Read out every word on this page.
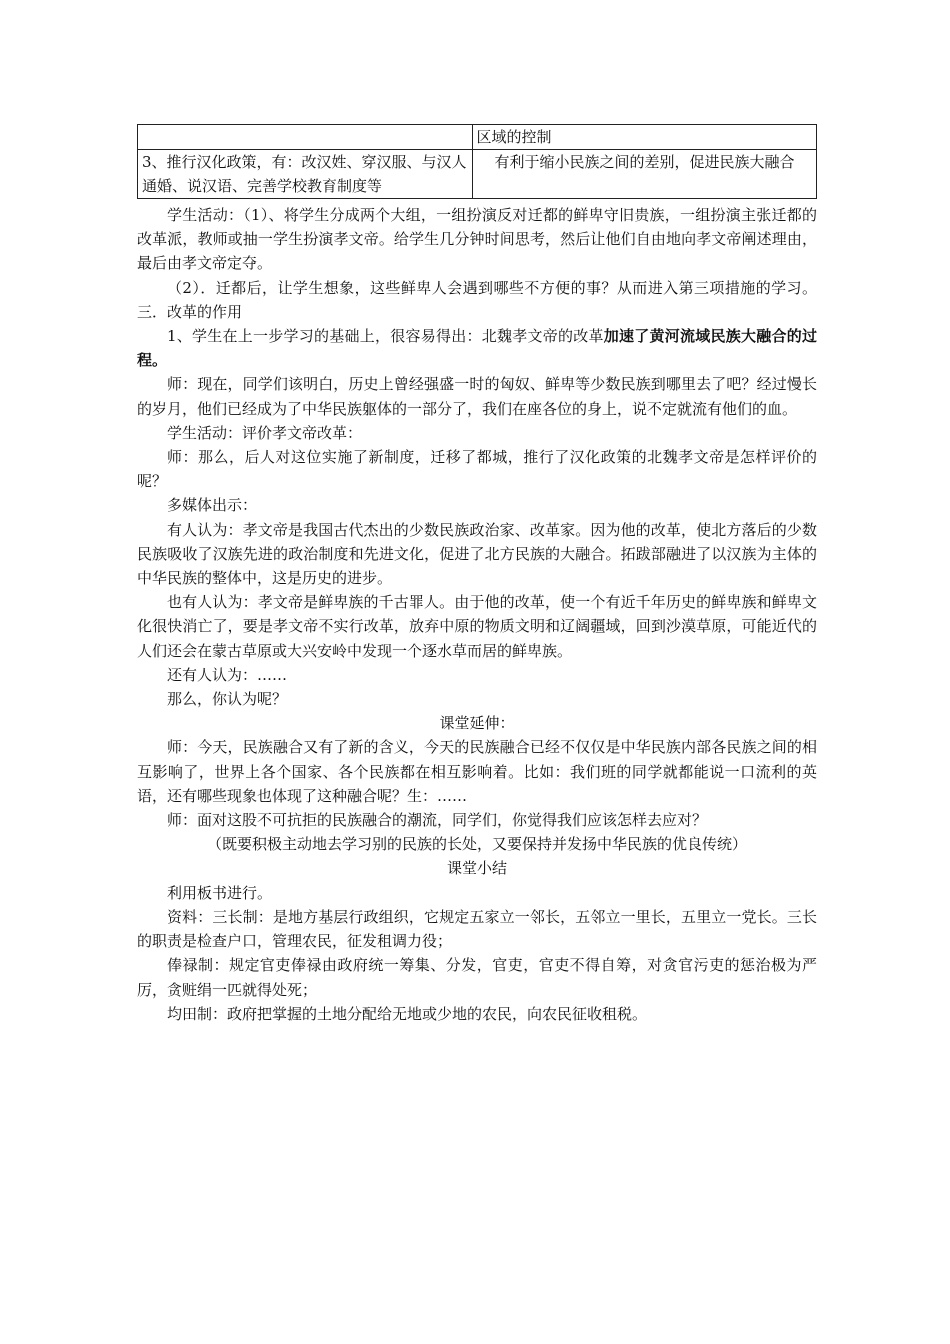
	区域的控制
3、推行汉化政策，有：改汉姓、穿汉服、与汉人通婚、说汉语、完善学校教育制度等	有利于缩小民族之间的差别，促进民族大融合

学生活动：（1）、将学生分成两个大组，一组扮演反对迁都的鲜卑守旧贵族，一组扮演主张迁都的改革派，教师或抽一学生扮演孝文帝。给学生几分钟时间思考，然后让他们自由地向孝文帝阐述理由，最后由孝文帝定夺。

（2）．迁都后，让学生想象，这些鲜卑人会遇到哪些不方便的事？从而进入第三项措施的学习。三．改革的作用

1、学生在上一步学习的基础上，很容易得出：北魏孝文帝的改革加速了黄河流域民族大融合的过程。

师：现在，同学们该明白，历史上曾经强盛一时的匈奴、鲜卑等少数民族到哪里去了吧？经过慢长的岁月，他们已经成为了中华民族躯体的一部分了，我们在座各位的身上，说不定就流有他们的血。

学生活动：评价孝文帝改革：

师：那么，后人对这位实施了新制度，迁移了都城，推行了汉化政策的北魏孝文帝是怎样评价的呢？

多媒体出示：

有人认为：孝文帝是我国古代杰出的少数民族政治家、改革家。因为他的改革，使北方落后的少数民族吸收了汉族先进的政治制度和先进文化，促进了北方民族的大融合。拓跋部融进了以汉族为主体的中华民族的整体中，这是历史的进步。

也有人认为：孝文帝是鲜卑族的千古罪人。由于他的改革，使一个有近千年历史的鲜卑族和鲜卑文化很快消亡了，要是孝文帝不实行改革，放弃中原的物质文明和辽阔疆域，回到沙漠草原，可能近代的人们还会在蒙古草原或大兴安岭中发现一个逐水草而居的鲜卑族。

还有人认为：……

那么，你认为呢？

课堂延伸：

师：今天，民族融合又有了新的含义，今天的民族融合已经不仅仅是中华民族内部各民族之间的相互影响了，世界上各个国家、各个民族都在相互影响着。比如：我们班的同学就都能说一口流利的英语，还有哪些现象也体现了这种融合呢？生：……

师：面对这股不可抗拒的民族融合的潮流，同学们，你觉得我们应该怎样去应对？

（既要积极主动地去学习别的民族的长处，又要保持并发扬中华民族的优良传统）

课堂小结

利用板书进行。

资料：三长制：是地方基层行政组织，它规定五家立一邻长，五邻立一里长，五里立一党长。三长的职责是检查户口，管理农民，征发租调力役；

俸禄制：规定官吏俸禄由政府统一筹集、分发，官吏，官吏不得自筹，对贪官污吏的惩治极为严厉，贪赃绢一匹就得处死；

均田制：政府把掌握的土地分配给无地或少地的农民，向农民征收租税。
